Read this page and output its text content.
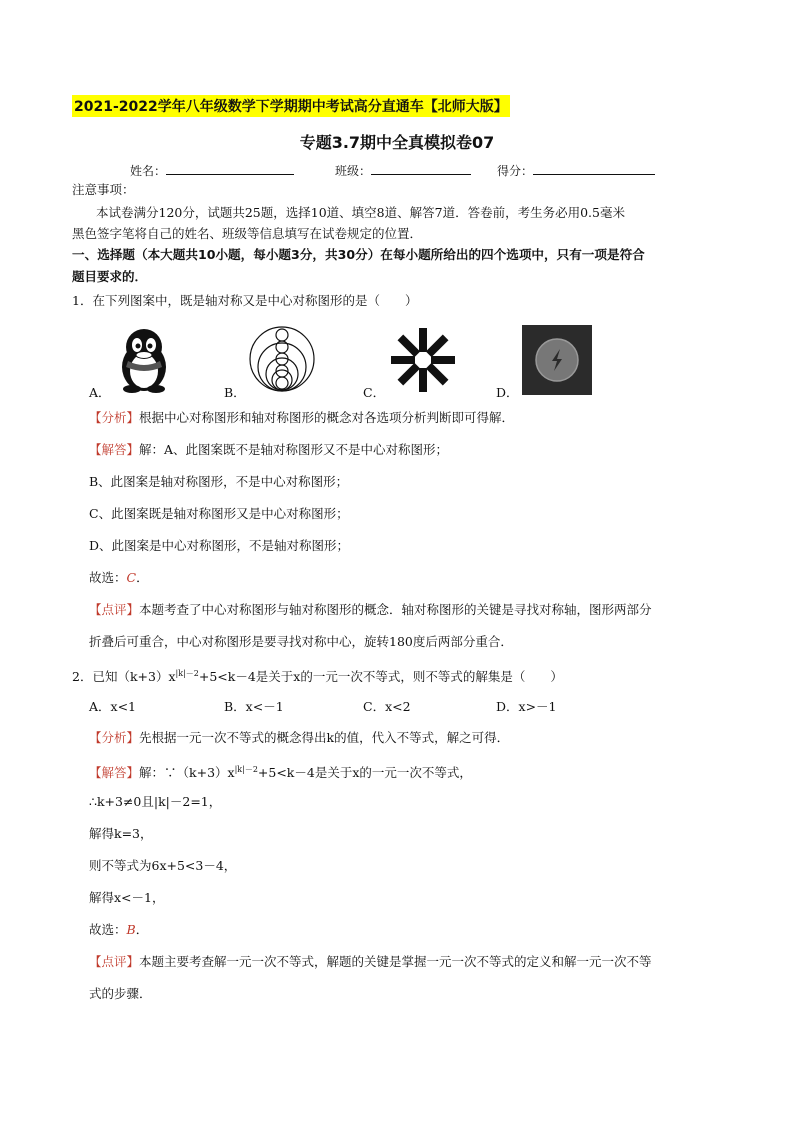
2021-2022学年八年级数学下学期期中考试高分直通车【北师大版】
专题3.7期中全真模拟卷07
姓名：	班级：	得分：
注意事项：
本试卷满分120分，试题共25题，选择10道、填空8道、解答7道．答卷前，考生务必用0.5毫米
黑色签字笔将自己的姓名、班级等信息填写在试卷规定的位置．
一、选择题（本大题共10小题，每小题3分，共30分）在每小题所给出的四个选项中，只有一项是符合
题目要求的．
1．在下列图案中，既是轴对称又是中心对称图形的是（　　）
A．	B．	C．	D．
【分析】根据中心对称图形和轴对称图形的概念对各选项分析判断即可得解．
【解答】解：A、此图案既不是轴对称图形又不是中心对称图形；
B、此图案是轴对称图形，不是中心对称图形；
C、此图案既是轴对称图形又是中心对称图形；
D、此图案是中心对称图形，不是轴对称图形；
故选：C．
【点评】本题考查了中心对称图形与轴对称图形的概念．轴对称图形的关键是寻找对称轴，图形两部分
折叠后可重合，中心对称图形是要寻找对称中心，旋转180度后两部分重合．
2．已知$(k+3)x^{|k|-2}+5<k-4$是关于x的一元一次不等式，则不等式的解集是（　　）
A．x<1	B．x<－1	C．x<2	D．x>－1
【分析】先根据一元一次不等式的概念得出k的值，代入不等式，解之可得．
【解答】解：$\because(k+3)x^{|k|-2}+5<k-4$是关于x的一元一次不等式，
∴k+3≠0且|k|－2=1，
解得k=3，
则不等式为6x+5<3－4，
解得x<－1，
故选：B．
【点评】本题主要考查解一元一次不等式，解题的关键是掌握一元一次不等式的定义和解一元一次不等
式的步骤．
